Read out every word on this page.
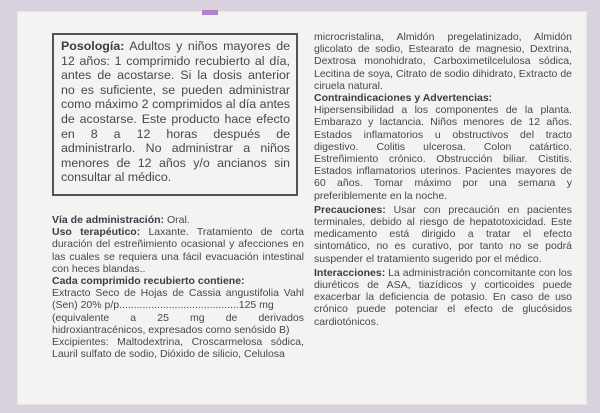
Posología: Adultos y niños mayores de 12 años: 1 comprimido recubierto al día, antes de acostarse. Si la dosis anterior no es suficiente, se pueden administrar como máximo 2 comprimidos al día antes de acostarse. Este producto hace efecto en 8 a 12 horas después de administrarlo. No administrar a niños menores de 12 años y/o ancianos sin consultar al médico.

Vía de administración: Oral.

Uso terapéutico: Laxante. Tratamiento de corta duración del estreñimiento ocasional y afecciones en las cuales se requiera una fácil evacuación intestinal con heces blandas..

Cada comprimido recubierto contiene:

Extracto Seco de Hojas de Cassia angustifolia Vahl (Sen) 20% p/p.........................................125 mg

(equivalente a 25 mg de derivados hidroxiantracénicos, expresados como senósido B)

Excipientes: Maltodextrina, Croscarmelosa sódica, Lauril sulfato de sodio, Dióxido de silicio, Celulosa

microcristalina, Almidón pregelatinizado, Almidón glicolato de sodio, Estearato de magnesio, Dextrina, Dextrosa monohidrato, Carboximetilcelulosa sódica, Lecitina de soya, Citrato de sodio dihidrato, Extracto de ciruela natural.

Contraindicaciones y Advertencias:

Hipersensibilidad a los componentes de la planta. Embarazo y lactancia. Niños menores de 12 años. Estados inflamatorios u obstructivos del tracto digestivo. Colitis ulcerosa. Colon catártico. Estreñimiento crónico. Obstrucción biliar. Cistitis. Estados inflamatorios uterinos. Pacientes mayores de 60 años. Tomar máximo por una semana y preferiblemente en la noche.

Precauciones: Usar con precaución en pacientes terminales, debido al riesgo de hepatotoxicidad. Este medicamento está dirigido a tratar el efecto sintomático, no es curativo, por tanto no se podrá suspender el tratamiento sugerido por el médico.

Interacciones: La administración concomitante con los diuréticos de ASA, tiazídicos y corticoides puede exacerbar la deficiencia de potasio. En caso de uso crónico puede potenciar el efecto de glucósidos cardiotónicos.
